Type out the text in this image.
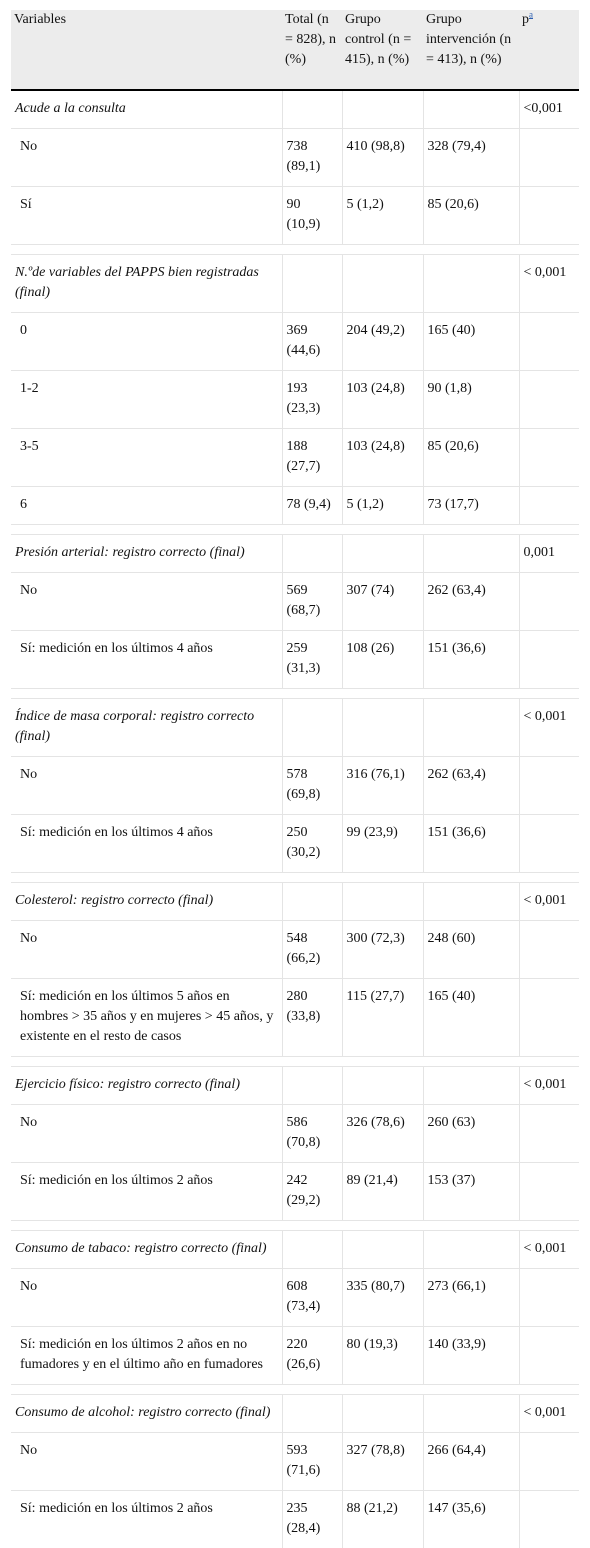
Variables	Total (n = 828), n (%)	Grupo control (n = 415), n (%)	Grupo intervención (n = 413), n (%)	$p^a$
Acude a la consulta				<0,001
No	738 (89,1)	410 (98,8)	328 (79,4)	
Sí	90 (10,9)	5 (1,2)	85 (20,6)	

N.ºde variables del PAPPS bien registradas (final)				< 0,001
0	369 (44,6)	204 (49,2)	165 (40)	
1-2	193 (23,3)	103 (24,8)	90 (1,8)	
3-5	188 (27,7)	103 (24,8)	85 (20,6)	
6	78 (9,4)	5 (1,2)	73 (17,7)	

Presión arterial: registro correcto (final)				0,001
No	569 (68,7)	307 (74)	262 (63,4)	
Sí: medición en los últimos 4 años	259 (31,3)	108 (26)	151 (36,6)	

Índice de masa corporal: registro correcto (final)				< 0,001
No	578 (69,8)	316 (76,1)	262 (63,4)	
Sí: medición en los últimos 4 años	250 (30,2)	99 (23,9)	151 (36,6)	

Colesterol: registro correcto (final)				< 0,001
No	548 (66,2)	300 (72,3)	248 (60)	
Sí: medición en los últimos 5 años en hombres > 35 años y en mujeres > 45 años, y existente en el resto de casos	280 (33,8)	115 (27,7)	165 (40)	

Ejercicio físico: registro correcto (final)				< 0,001
No	586 (70,8)	326 (78,6)	260 (63)	
Sí: medición en los últimos 2 años	242 (29,2)	89 (21,4)	153 (37)	

Consumo de tabaco: registro correcto (final)				< 0,001
No	608 (73,4)	335 (80,7)	273 (66,1)	
Sí: medición en los últimos 2 años en no fumadores y en el último año en fumadores	220 (26,6)	80 (19,3)	140 (33,9)	

Consumo de alcohol: registro correcto (final)				< 0,001
No	593 (71,6)	327 (78,8)	266 (64,4)	
Sí: medición en los últimos 2 años	235 (28,4)	88 (21,2)	147 (35,6)	
